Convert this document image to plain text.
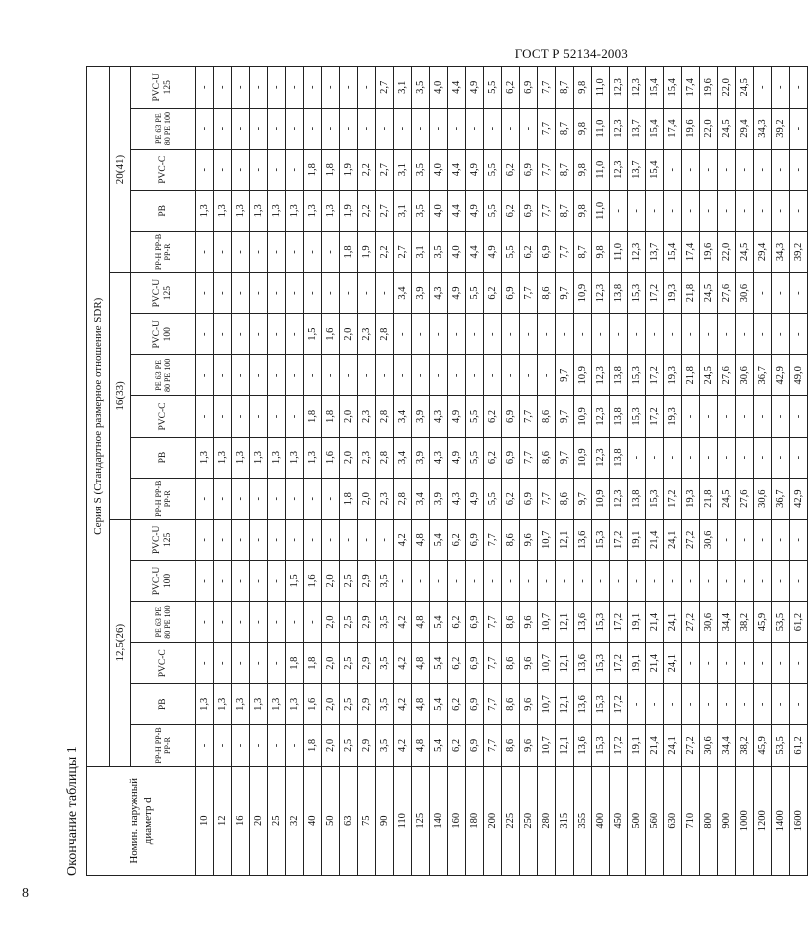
ГОСТ Р 52134-2003
8
Окончание таблицы 1	Номин. наружный диаметр d	Серия S (Стандартное размерное отношение SDR)																
	12,5(26)						16(33)						20(41)				
	PP-H PP-B PP-R	PB	PVC-C	PE 63 PE 80 PE 100	PVC-U 100	PVC-U 125	PP-H PP-B PP-R	PB	PVC-C	PE 63 PE 80 PE 100	PVC-U 100	PVC-U 125	PP-H PP-B PP-R	PB	PVC-C	PE 63 PE 80 PE 100	PVC-U 125
10	-	1,3	-	-	-	-	-	1,3	-	-	-	-	-	1,3	-	-	-
12	-	1,3	-	-	-	-	-	1,3	-	-	-	-	-	1,3	-	-	-
16	-	1,3	-	-	-	-	-	1,3	-	-	-	-	-	1,3	-	-	-
20	-	1,3	-	-	-	-	-	1,3	-	-	-	-	-	1,3	-	-	-
25	-	1,3	-	-	-	-	-	1,3	-	-	-	-	-	1,3	-	-	-
32	-	1,3	1,8	-	1,5	-	-	1,3	-	-	-	-	-	1,3	-	-	-
40	1,8	1,6	1,8	-	1,6	-	-	1,3	1,8	-	1,5	-	-	1,3	1,8	-	-
50	2,0	2,0	2,0	2,0	2,0	-	-	1,6	1,8	-	1,6	-	-	1,3	1,8	-	-
63	2,5	2,5	2,5	2,5	2,5	-	1,8	2,0	2,0	-	2,0	-	1,8	1,9	1,9	-	-
75	2,9	2,9	2,9	2,9	2,9	-	2,0	2,3	2,3	-	2,3	-	1,9	2,2	2,2	-	-
90	3,5	3,5	3,5	3,5	3,5	-	2,3	2,8	2,8	-	2,8	-	2,2	2,7	2,7	-	2,7
110	4,2	4,2	4,2	4,2	-	4,2	2,8	3,4	3,4	-	-	3,4	2,7	3,1	3,1	-	3,1
125	4,8	4,8	4,8	4,8	-	4,8	3,4	3,9	3,9	-	-	3,9	3,1	3,5	3,5	-	3,5
140	5,4	5,4	5,4	5,4	-	5,4	3,9	4,3	4,3	-	-	4,3	3,5	4,0	4,0	-	4,0
160	6,2	6,2	6,2	6,2	-	6,2	4,3	4,9	4,9	-	-	4,9	4,0	4,4	4,4	-	4,4
180	6,9	6,9	6,9	6,9	-	6,9	4,9	5,5	5,5	-	-	5,5	4,4	4,9	4,9	-	4,9
200	7,7	7,7	7,7	7,7	-	7,7	5,5	6,2	6,2	-	-	6,2	4,9	5,5	5,5	-	5,5
225	8,6	8,6	8,6	8,6	-	8,6	6,2	6,9	6,9	-	-	6,9	5,5	6,2	6,2	-	6,2
250	9,6	9,6	9,6	9,6	-	9,6	6,9	7,7	7,7	-	-	7,7	6,2	6,9	6,9	-	6,9
280	10,7	10,7	10,7	10,7	-	10,7	7,7	8,6	8,6	-	-	8,6	6,9	7,7	7,7	7,7	7,7
315	12,1	12,1	12,1	12,1	-	12,1	8,6	9,7	9,7	9,7	-	9,7	7,7	8,7	8,7	8,7	8,7
355	13,6	13,6	13,6	13,6	-	13,6	9,7	10,9	10,9	10,9	-	10,9	8,7	9,8	9,8	9,8	9,8
400	15,3	15,3	15,3	15,3	-	15,3	10,9	12,3	12,3	12,3	-	12,3	9,8	11,0	11,0	11,0	11,0
450	17,2	17,2	17,2	17,2	-	17,2	12,3	13,8	13,8	13,8	-	13,8	11,0	-	12,3	12,3	12,3
500	19,1	-	19,1	19,1	-	19,1	13,8	-	15,3	15,3	-	15,3	12,3	-	13,7	13,7	12,3
560	21,4	-	21,4	21,4	-	21,4	15,3	-	17,2	17,2	-	17,2	13,7	-	15,4	15,4	15,4
630	24,1	-	24,1	24,1	-	24,1	17,2	-	19,3	19,3	-	19,3	15,4	-	-	17,4	15,4
710	27,2	-	-	27,2	-	27,2	19,3	-	-	21,8	-	21,8	17,4	-	-	19,6	17,4
800	30,6	-	-	30,6	-	30,6	21,8	-	-	24,5	-	24,5	19,6	-	-	22,0	19,6
900	34,4	-	-	34,4	-	-	24,5	-	-	27,6	-	27,6	22,0	-	-	24,5	22,0
1000	38,2	-	-	38,2	-	-	27,6	-	-	30,6	-	30,6	24,5	-	-	29,4	24,5
1200	45,9	-	-	45,9	-	-	30,6	-	-	36,7	-	-	29,4	-	-	34,3	-
1400	53,5	-	-	53,5	-	-	36,7	-	-	42,9	-	-	34,3	-	-	39,2	-
1600	61,2	-	-	61,2	-	-	42,9	-	-	49,0	-	-	39,2	-	-	-	-
